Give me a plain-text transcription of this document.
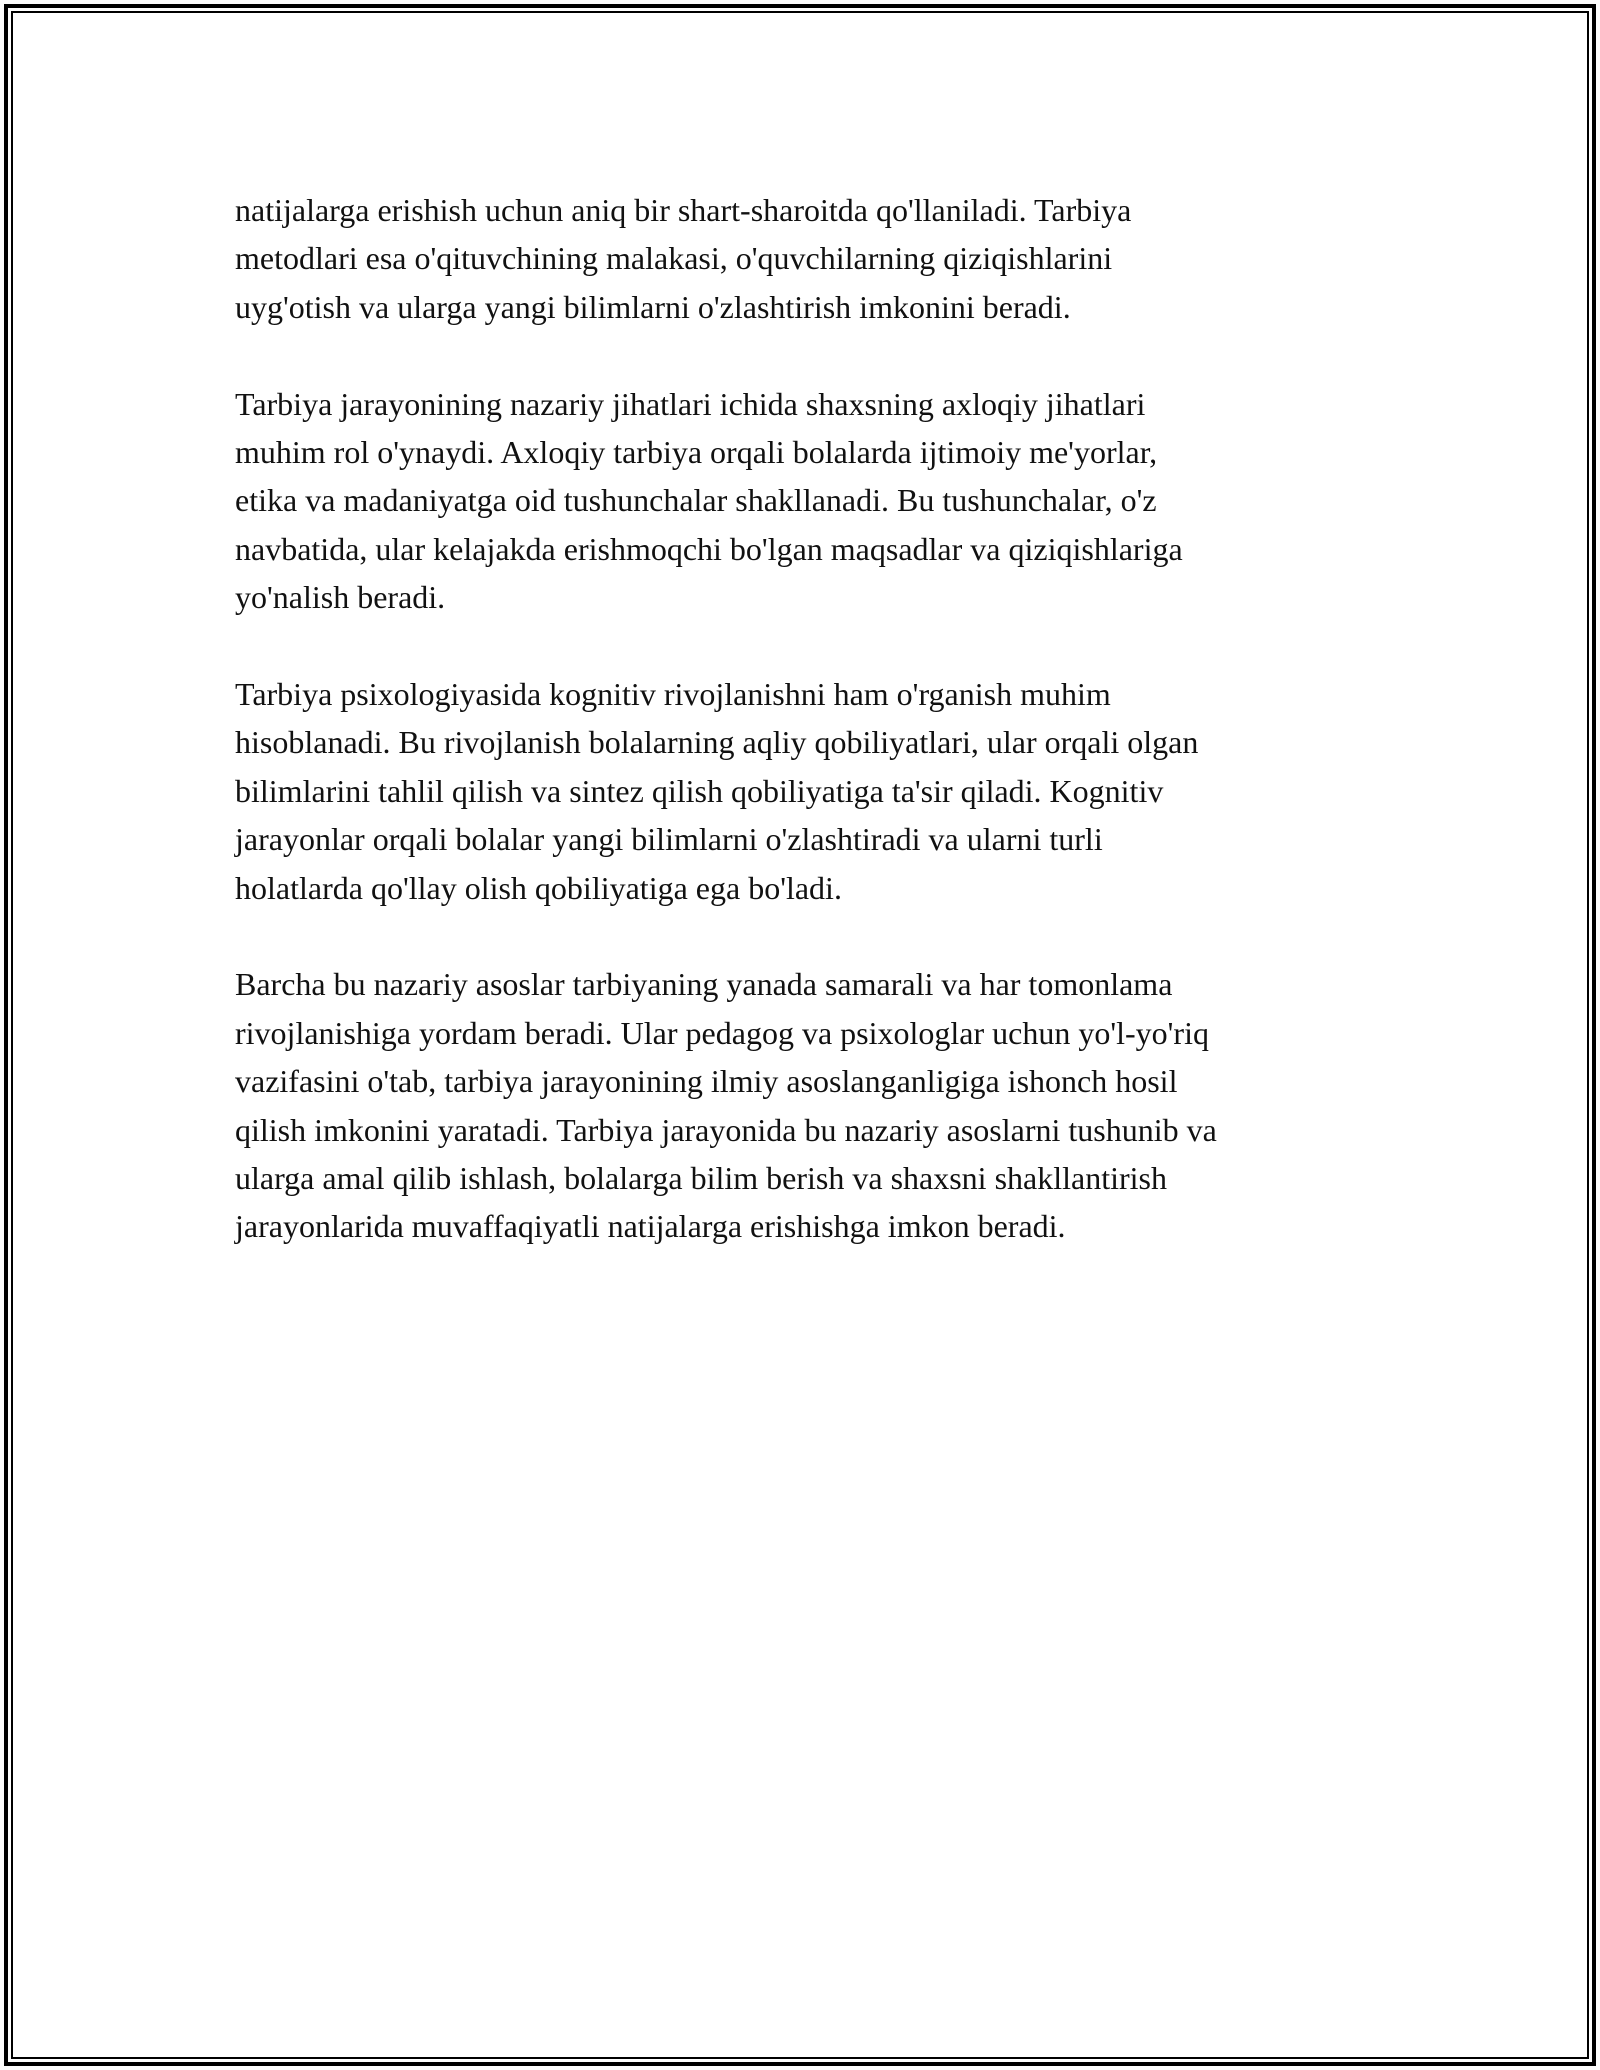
natijalarga erishish uchun aniq bir shart-sharoitda qo'llaniladi. Tarbiya
metodlari esa o'qituvchining malakasi, o'quvchilarning qiziqishlarini
uyg'otish va ularga yangi bilimlarni o'zlashtirish imkonini beradi.

Tarbiya jarayonining nazariy jihatlari ichida shaxsning axloqiy jihatlari
muhim rol o'ynaydi. Axloqiy tarbiya orqali bolalarda ijtimoiy me'yorlar,
etika va madaniyatga oid tushunchalar shakllanadi. Bu tushunchalar, o'z
navbatida, ular kelajakda erishmoqchi bo'lgan maqsadlar va qiziqishlariga
yo'nalish beradi.

Tarbiya psixologiyasida kognitiv rivojlanishni ham o'rganish muhim
hisoblanadi. Bu rivojlanish bolalarning aqliy qobiliyatlari, ular orqali olgan
bilimlarini tahlil qilish va sintez qilish qobiliyatiga ta'sir qiladi. Kognitiv
jarayonlar orqali bolalar yangi bilimlarni o'zlashtiradi va ularni turli
holatlarda qo'llay olish qobiliyatiga ega bo'ladi.

Barcha bu nazariy asoslar tarbiyaning yanada samarali va har tomonlama
rivojlanishiga yordam beradi. Ular pedagog va psixologlar uchun yo'l-yo'riq
vazifasini o'tab, tarbiya jarayonining ilmiy asoslanganligiga ishonch hosil
qilish imkonini yaratadi. Tarbiya jarayonida bu nazariy asoslarni tushunib va
ularga amal qilib ishlash, bolalarga bilim berish va shaxsni shakllantirish
jarayonlarida muvaffaqiyatli natijalarga erishishga imkon beradi.
